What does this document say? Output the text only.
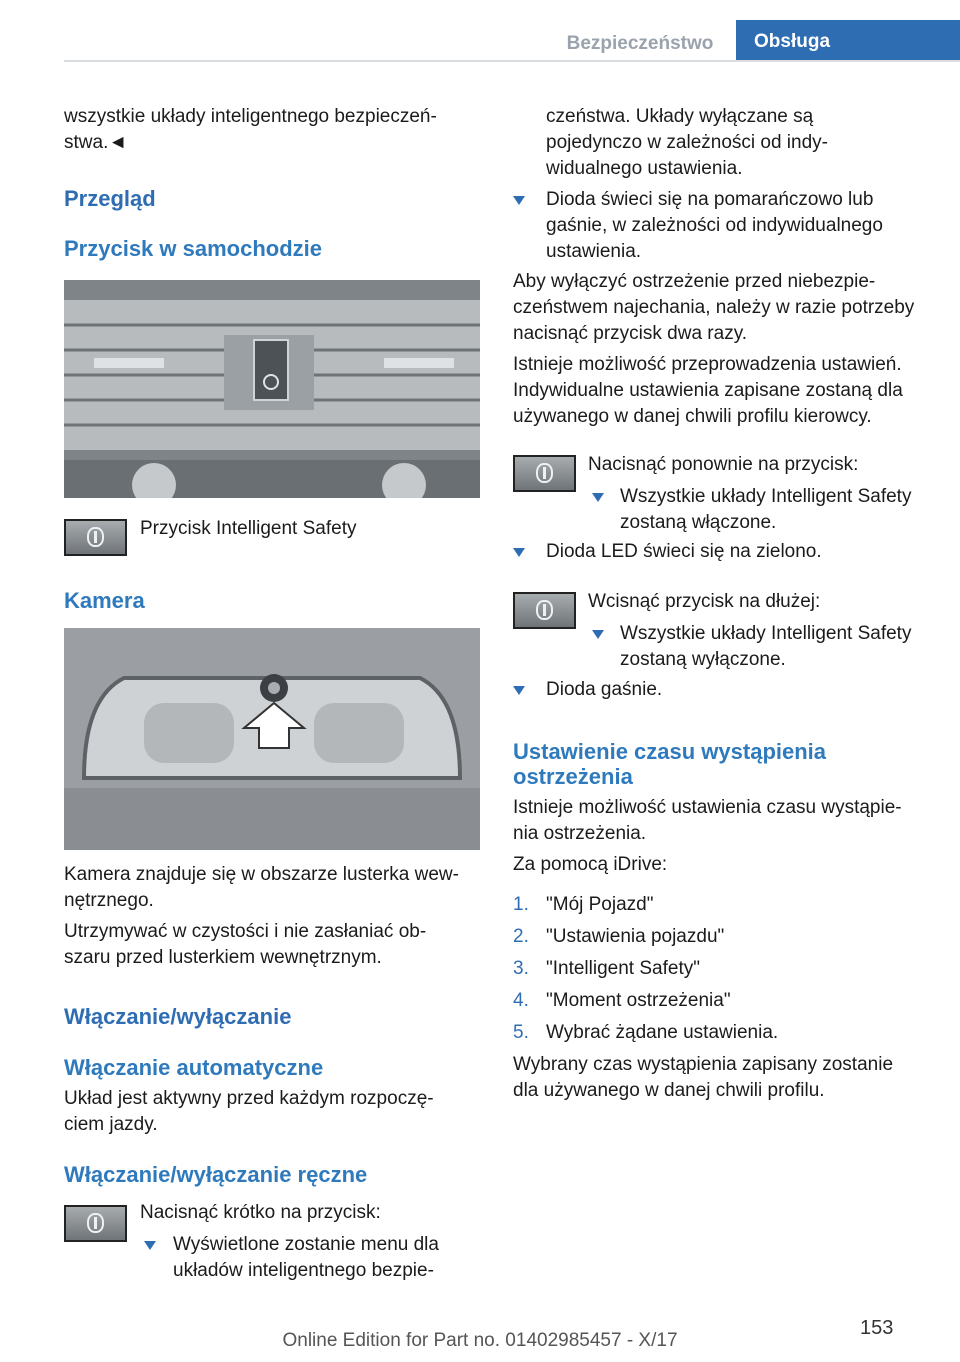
Bezpieczeństwo	Obsługa
wszystkie układy inteligentnego bezpieczeń‐
stwa.◄
Przegląd
Przycisk w samochodzie
Przycisk Intelligent Safety
Kamera
Kamera znajduje się w obszarze lusterka wew‐
nętrznego.
Utrzymywać w czystości i nie zasłaniać ob‐
szaru przed lusterkiem wewnętrznym.
Włączanie/wyłączanie
Włączanie automatyczne
Układ jest aktywny przed każdym rozpoczę‐
ciem jazdy.
Włączanie/wyłączanie ręczne
Nacisnąć krótko na przycisk:
Wyświetlone zostanie menu dla
układów inteligentnego bezpie‐
czeństwa. Układy wyłączane są
pojedynczo w zależności od indy‐
widualnego ustawienia.
Dioda świeci się na pomarańczowo lub
gaśnie, w zależności od indywidualnego
ustawienia.
Aby wyłączyć ostrzeżenie przed niebezpie‐
czeństwem najechania, należy w razie potrzeby
nacisnąć przycisk dwa razy.
Istnieje możliwość przeprowadzenia ustawień.
Indywidualne ustawienia zapisane zostaną dla
używanego w danej chwili profilu kierowcy.
Nacisnąć ponownie na przycisk:
Wszystkie układy Intelligent Safety
zostaną włączone.
Dioda LED świeci się na zielono.
Wcisnąć przycisk na dłużej:
Wszystkie układy Intelligent Safety
zostaną wyłączone.
Dioda gaśnie.
Ustawienie czasu wystąpienia
ostrzeżenia
Istnieje możliwość ustawienia czasu wystąpie‐
nia ostrzeżenia.
Za pomocą iDrive:
1. "Mój Pojazd"
2. "Ustawienia pojazdu"
3. "Intelligent Safety"
4. "Moment ostrzeżenia"
5. Wybrać żądane ustawienia.
Wybrany czas wystąpienia zapisany zostanie
dla używanego w danej chwili profilu.
153
Online Edition for Part no. 01402985457 - X/17
